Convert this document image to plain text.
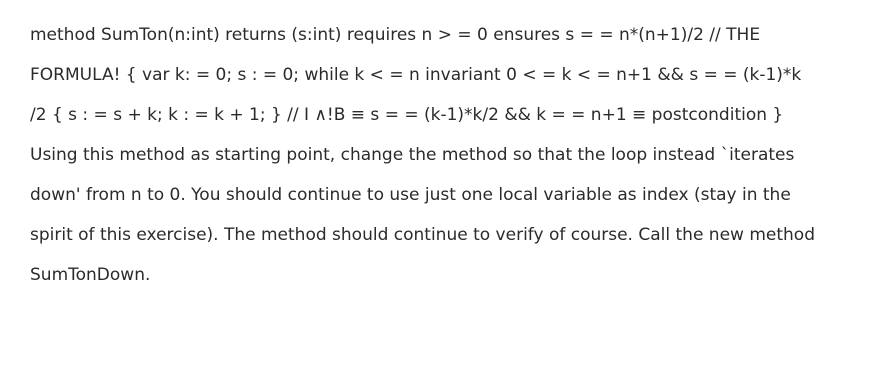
method SumTon(n:int) returns (s:int) requires n > = 0 ensures s = = n*(n+1)/2 // THE
FORMULA! { var k: = 0; s : = 0; while k < = n invariant 0 < = k < = n+1 && s = = (k-1)*k
/2 { s : = s + k; k : = k + 1; } // I ∧!B ≡ s = = (k-1)*k/2 && k = = n+1 ≡ postcondition }
Using this method as starting point, change the method so that the loop instead `iterates
down' from n to 0. You should continue to use just one local variable as index (stay in the
spirit of this exercise). The method should continue to verify of course. Call the new method
SumTonDown.
